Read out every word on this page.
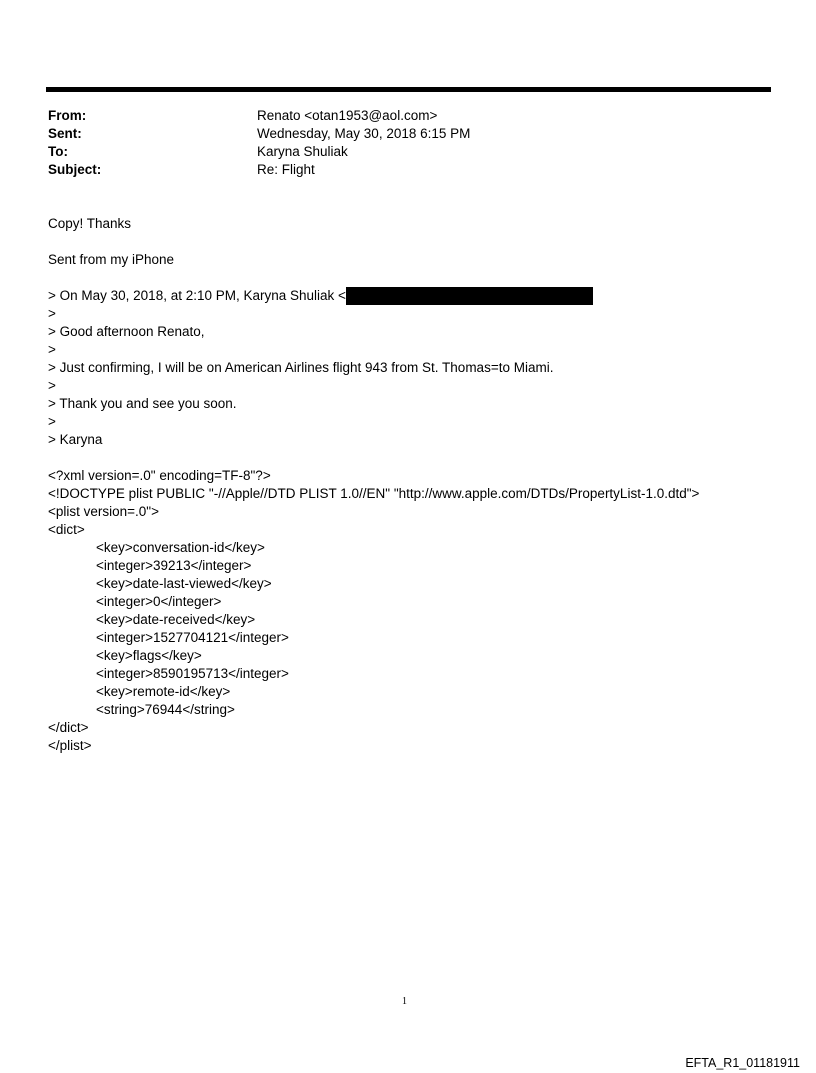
From:	Renato <otan1953@aol.com>
Sent:	Wednesday, May 30, 2018 6:15 PM
To:	Karyna Shuliak
Subject:	Re: Flight
Copy! Thanks
Sent from my iPhone
> On May 30, 2018, at 2:10 PM, Karyna Shuliak <
>
> Good afternoon Renato,
>
> Just confirming, I will be on American Airlines flight 943 from St. Thomas=to Miami.
>
> Thank you and see you soon.
>
> Karyna
<?xml version=.0" encoding=TF-8"?>
<!DOCTYPE plist PUBLIC "-//Apple//DTD PLIST 1.0//EN" "http://www.apple.com/DTDs/PropertyList-1.0.dtd">
<plist version=.0">
<dict>
<key>conversation-id</key>
<integer>39213</integer>
<key>date-last-viewed</key>
<integer>0</integer>
<key>date-received</key>
<integer>1527704121</integer>
<key>flags</key>
<integer>8590195713</integer>
<key>remote-id</key>
<string>76944</string>
</dict>
</plist>
1
EFTA_R1_01181911
